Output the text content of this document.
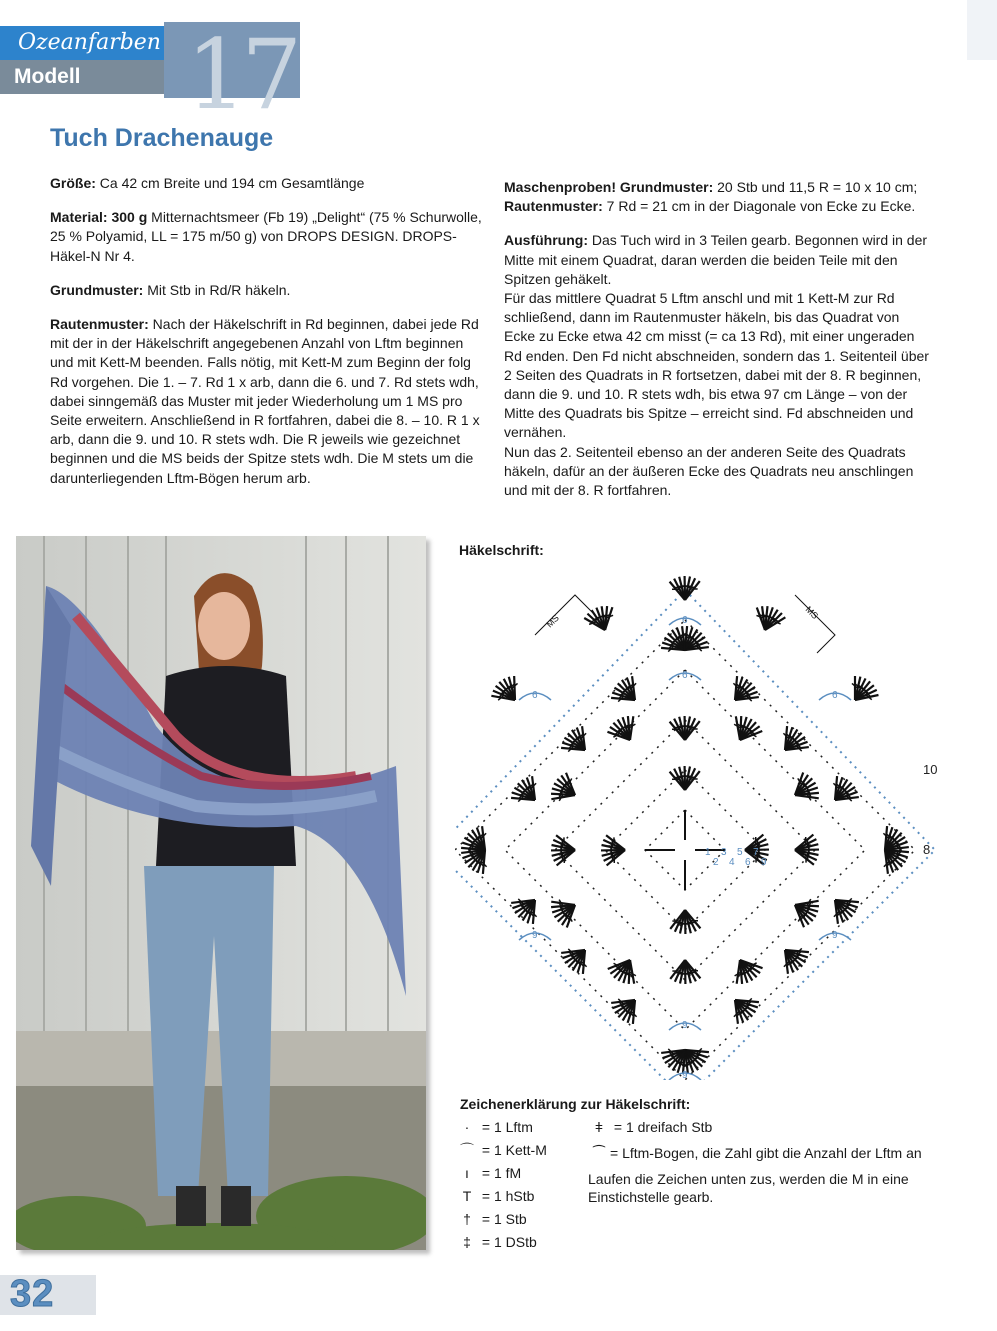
Ozeanfarben
Modell	17
Tuch Drachenauge

Größe: Ca 42 cm Breite und 194 cm Gesamtlänge

Material: 300 g Mitternachtsmeer (Fb 19) „Delight“ (75 % Schurwolle, 25 % Polyamid, LL = 175 m/50 g) von DROPS DESIGN. DROPS-Häkel-N Nr 4.

Grundmuster: Mit Stb in Rd/R häkeln.

Rautenmuster: Nach der Häkelschrift in Rd beginnen, dabei jede Rd mit der in der Häkelschrift angegebenen Anzahl von Lftm beginnen und mit Kett-M beenden. Falls nötig, mit Kett-M zum Beginn der folg Rd vorgehen. Die 1. – 7. Rd 1 x arb, dann die 6. und 7. Rd stets wdh, dabei sinngemäß das Muster mit jeder Wiederholung um 1 MS pro Seite erweitern. Anschließend in R fortfahren, dabei die 8. – 10. R 1 x arb, dann die 9. und 10. R stets wdh. Die R jeweils wie gezeichnet beginnen und die MS beids der Spitze stets wdh. Die M stets um die darunterliegenden Lftm-Bögen herum arb.

Maschenproben! Grundmuster: 20 Stb und 11,5 R = 10 x 10 cm; Rautenmuster: 7 Rd = 21 cm in der Diagonale von Ecke zu Ecke.

Ausführung: Das Tuch wird in 3 Teilen gearb. Begonnen wird in der Mitte mit einem Quadrat, daran werden die beiden Teile mit den Spitzen gehäkelt.
Für das mittlere Quadrat 5 Lftm anschl und mit 1 Kett-M zur Rd schließend, dann im Rautenmuster häkeln, bis das Quadrat von Ecke zu Ecke etwa 42 cm misst (= ca 13 Rd), mit einer ungeraden Rd enden. Den Fd nicht abschneiden, sondern das 1. Seitenteil über 2 Seiten des Quadrats in R fortsetzen, dabei mit der 8. R beginnen, dann die 9. und 10. R stets wdh, bis etwa 97 cm Länge – von der Mitte des Quadrats bis Spitze – erreicht sind. Fd abschneiden und vernähen.
Nun das 2. Seitenteil ebenso an der anderen Seite des Quadrats häkeln, dafür an der äußeren Ecke des Quadrats neu anschlingen und mit der 8. R fortfahren.

Häkelschrift:
6
6
6
6
9
9
9
9
MS
MS
1
2
3
4
5
6
7
9
10
8
Zeichenerklärung zur Häkelschrift:
· = 1 Lftm
⌒ = 1 Kett-M
ı = 1 fM
T = 1 hStb
† = 1 Stb
‡ = 1 DStb
ǂ = 1 dreifach Stb
⁀ = Lftm-Bogen, die Zahl gibt die Anzahl der Lftm an
Laufen die Zeichen unten zus, werden die M in eine Einstichstelle gearb.
32
